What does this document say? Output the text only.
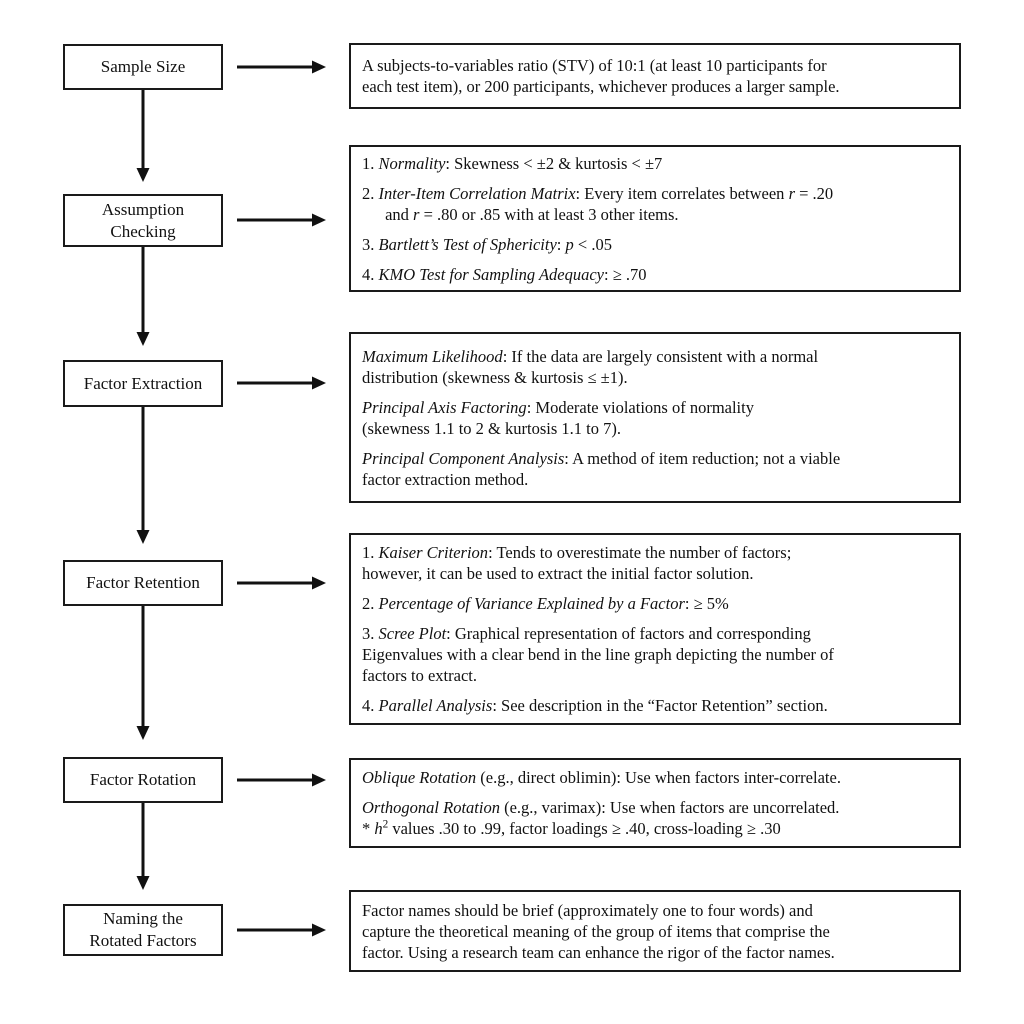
Sample Size
Assumption
Checking
Factor Extraction
Factor Retention
Factor Rotation
Naming the
Rotated Factors
A subjects-to-variables ratio (STV) of 10:1 (at least 10 participants for
each test item), or 200 participants, whichever produces a larger sample.
1. Normality: Skewness < ±2 & kurtosis < ±7
2. Inter-Item Correlation Matrix: Every item correlates between r = .20
and r = .80 or .85 with at least 3 other items.
3. Bartlett’s Test of Sphericity: p < .05
4. KMO Test for Sampling Adequacy: ≥ .70
Maximum Likelihood: If the data are largely consistent with a normal
distribution (skewness & kurtosis ≤ ±1).
Principal Axis Factoring: Moderate violations of normality
(skewness 1.1 to 2 & kurtosis 1.1 to 7).
Principal Component Analysis: A method of item reduction; not a viable
factor extraction method.
1. Kaiser Criterion: Tends to overestimate the number of factors;
however, it can be used to extract the initial factor solution.
2. Percentage of Variance Explained by a Factor: ≥ 5%
3. Scree Plot: Graphical representation of factors and corresponding
Eigenvalues with a clear bend in the line graph depicting the number of
factors to extract.
4. Parallel Analysis: See description in the “Factor Retention” section.
Oblique Rotation (e.g., direct oblimin): Use when factors inter-correlate.
Orthogonal Rotation (e.g., varimax): Use when factors are uncorrelated.
* $h^2$ values .30 to .99, factor loadings ≥ .40, cross-loading ≥ .30
Factor names should be brief (approximately one to four words) and
capture the theoretical meaning of the group of items that comprise the
factor. Using a research team can enhance the rigor of the factor names.
